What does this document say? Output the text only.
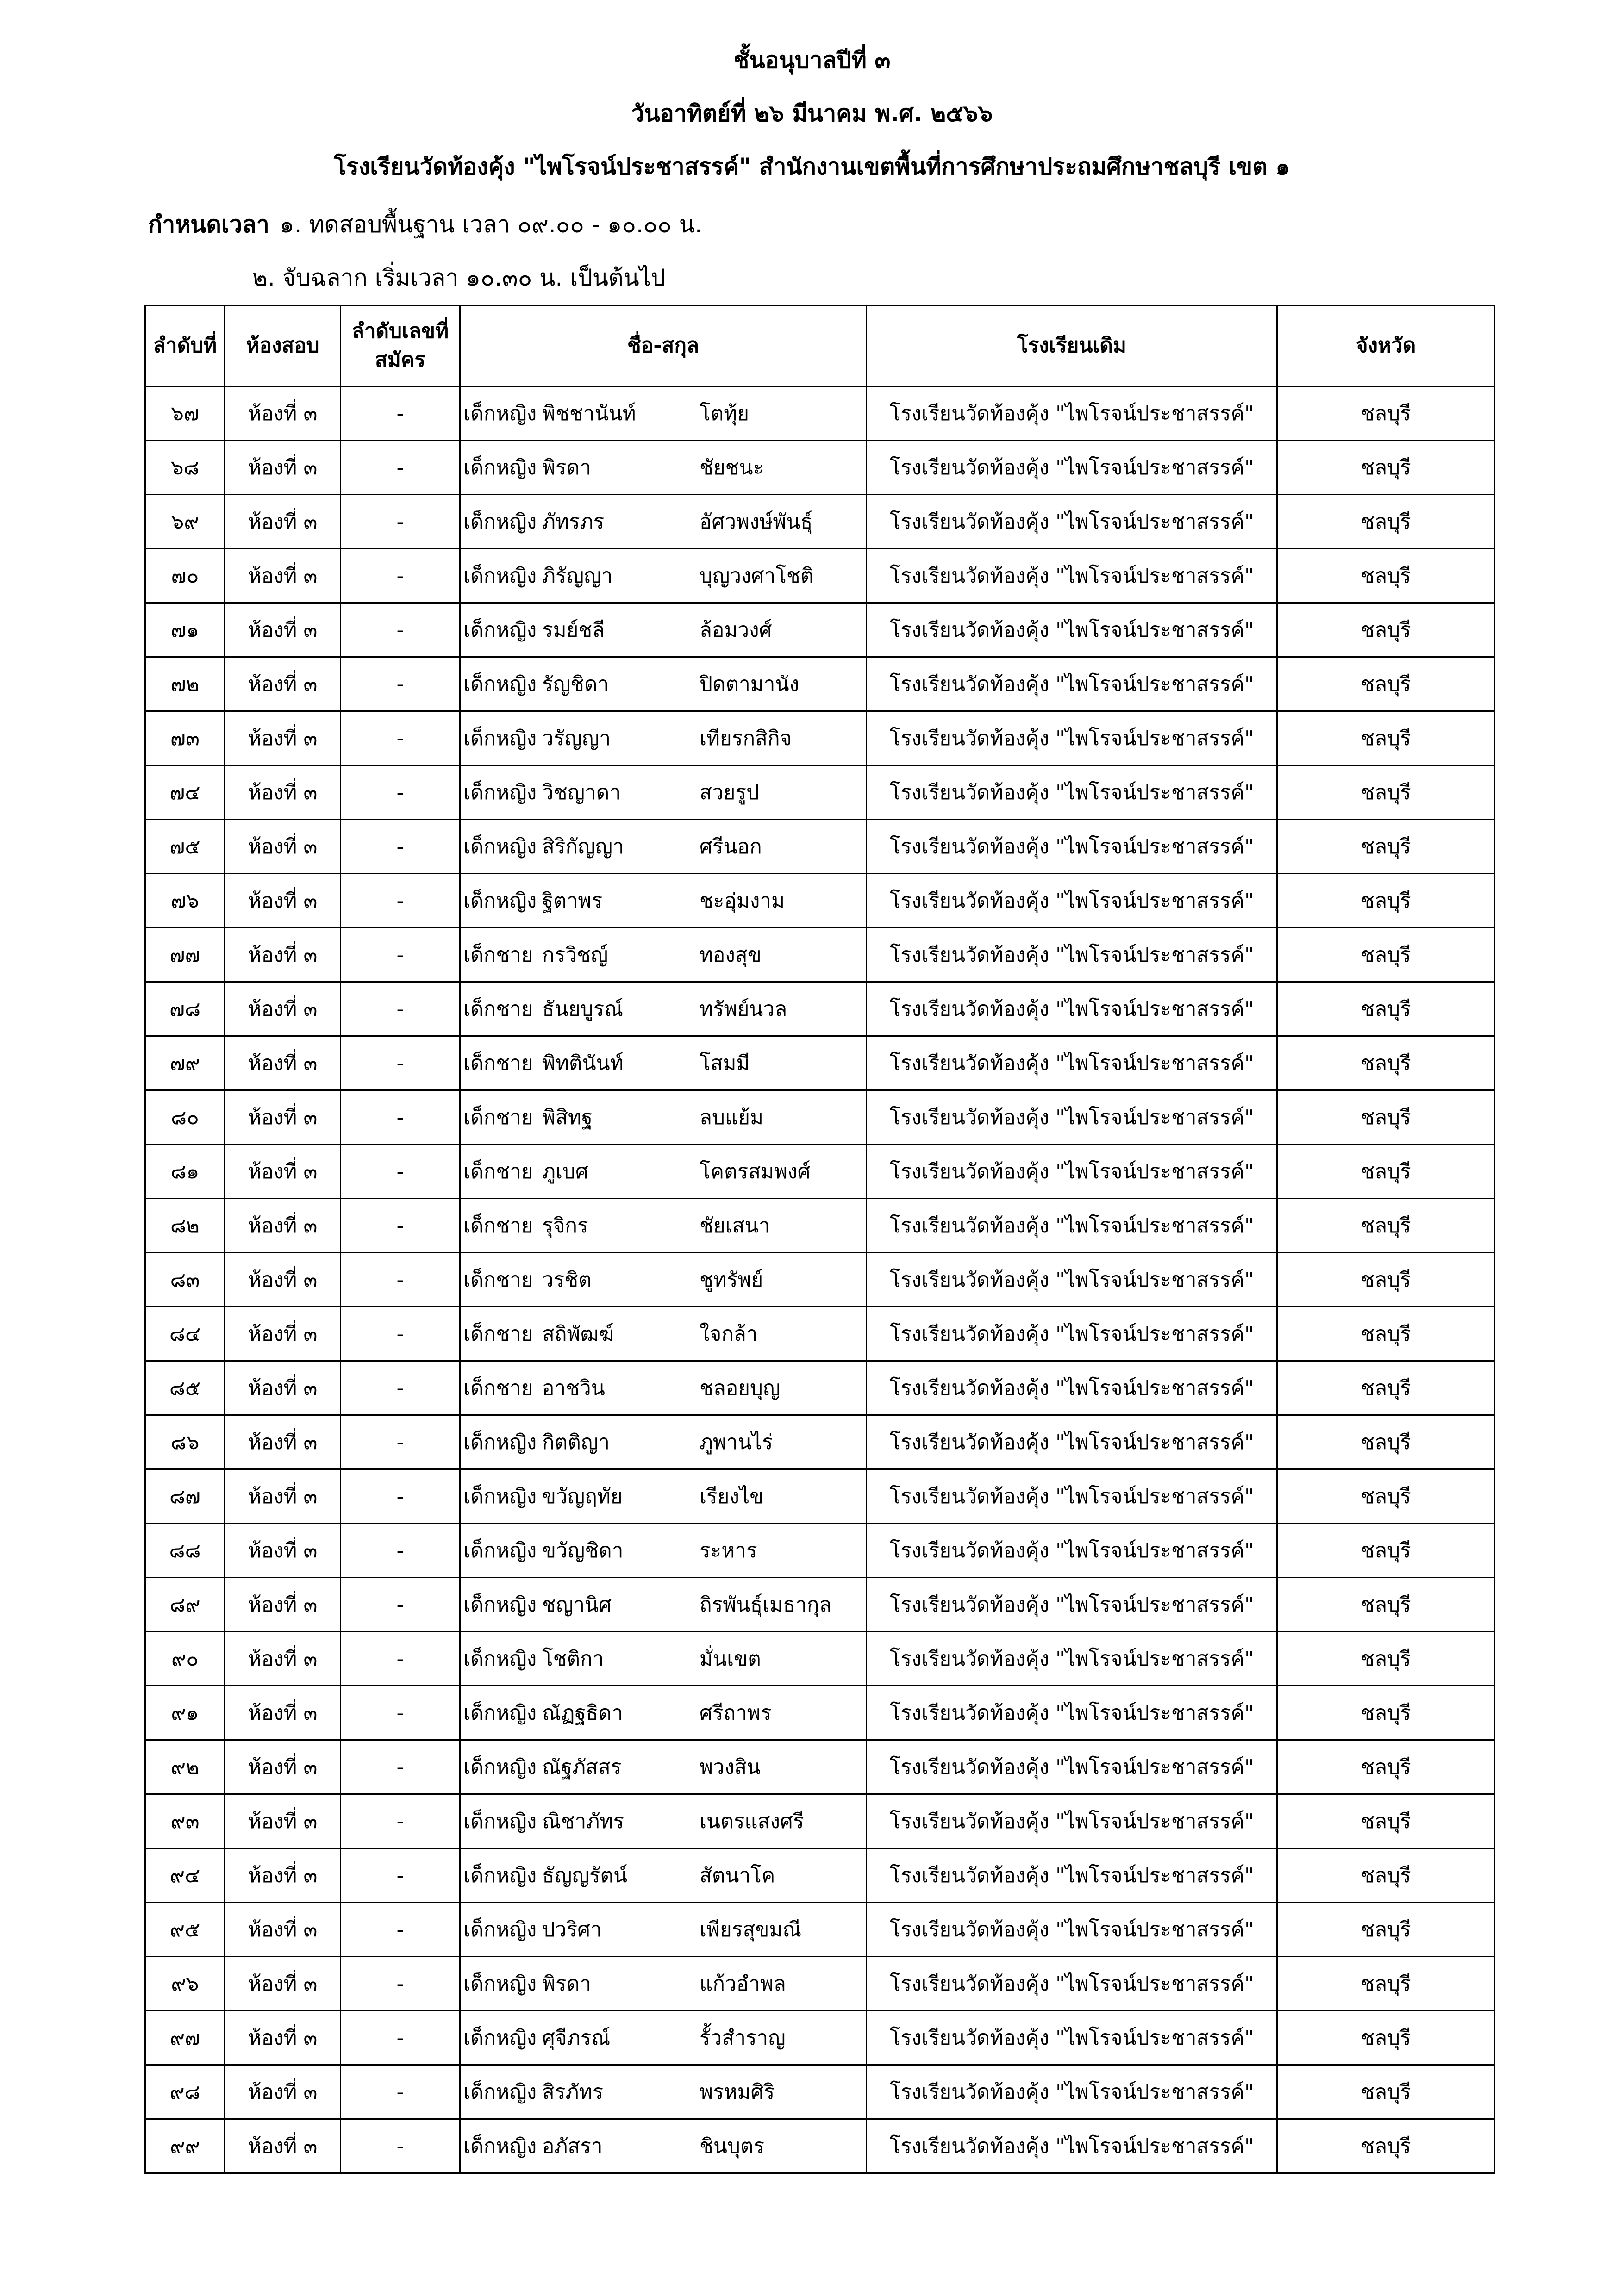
ชั้นอนุบาลปีที่ ๓
วันอาทิตย์ที่ ๒๖ มีนาคม พ.ศ. ๒๕๖๖
โรงเรียนวัดท้องคุ้ง "ไพโรจน์ประชาสรรค์" สำนักงานเขตพื้นที่การศึกษาประถมศึกษาชลบุรี เขต ๑
กำหนดเวลา ๑. ทดสอบพื้นฐาน เวลา ๐๙.๐๐ - ๑๐.๐๐ น.
๒. จับฉลาก เริ่มเวลา ๑๐.๓๐ น. เป็นต้นไป
ลำดับที่	ห้องสอบ	ลำดับเลขที่สมัคร	ชื่อ-สกุล	โรงเรียนเดิม	จังหวัด
๖๗	ห้องที่ ๓	-	เด็กหญิง พิชชานันท์ โตทุ้ย	โรงเรียนวัดท้องคุ้ง "ไพโรจน์ประชาสรรค์"	ชลบุรี
๖๘	ห้องที่ ๓	-	เด็กหญิง พิรดา ชัยชนะ	โรงเรียนวัดท้องคุ้ง "ไพโรจน์ประชาสรรค์"	ชลบุรี
๖๙	ห้องที่ ๓	-	เด็กหญิง ภัทรภร อัศวพงษ์พันธุ์	โรงเรียนวัดท้องคุ้ง "ไพโรจน์ประชาสรรค์"	ชลบุรี
๗๐	ห้องที่ ๓	-	เด็กหญิง ภิรัญญา บุญวงศาโชติ	โรงเรียนวัดท้องคุ้ง "ไพโรจน์ประชาสรรค์"	ชลบุรี
๗๑	ห้องที่ ๓	-	เด็กหญิง รมย์ชลี ล้อมวงศ์	โรงเรียนวัดท้องคุ้ง "ไพโรจน์ประชาสรรค์"	ชลบุรี
๗๒	ห้องที่ ๓	-	เด็กหญิง รัญชิดา ปิดตามานัง	โรงเรียนวัดท้องคุ้ง "ไพโรจน์ประชาสรรค์"	ชลบุรี
๗๓	ห้องที่ ๓	-	เด็กหญิง วรัญญา เทียรกสิกิจ	โรงเรียนวัดท้องคุ้ง "ไพโรจน์ประชาสรรค์"	ชลบุรี
๗๔	ห้องที่ ๓	-	เด็กหญิง วิชญาดา สวยรูป	โรงเรียนวัดท้องคุ้ง "ไพโรจน์ประชาสรรค์"	ชลบุรี
๗๕	ห้องที่ ๓	-	เด็กหญิง สิริกัญญา ศรีนอก	โรงเรียนวัดท้องคุ้ง "ไพโรจน์ประชาสรรค์"	ชลบุรี
๗๖	ห้องที่ ๓	-	เด็กหญิง ฐิตาพร ชะอุ่มงาม	โรงเรียนวัดท้องคุ้ง "ไพโรจน์ประชาสรรค์"	ชลบุรี
๗๗	ห้องที่ ๓	-	เด็กชาย กรวิชญ์ ทองสุข	โรงเรียนวัดท้องคุ้ง "ไพโรจน์ประชาสรรค์"	ชลบุรี
๗๘	ห้องที่ ๓	-	เด็กชาย ธันยบูรณ์ ทรัพย์นวล	โรงเรียนวัดท้องคุ้ง "ไพโรจน์ประชาสรรค์"	ชลบุรี
๗๙	ห้องที่ ๓	-	เด็กชาย พิทตินันท์ โสมมี	โรงเรียนวัดท้องคุ้ง "ไพโรจน์ประชาสรรค์"	ชลบุรี
๘๐	ห้องที่ ๓	-	เด็กชาย พิสิทฐ ลบแย้ม	โรงเรียนวัดท้องคุ้ง "ไพโรจน์ประชาสรรค์"	ชลบุรี
๘๑	ห้องที่ ๓	-	เด็กชาย ภูเบศ โคตรสมพงศ์	โรงเรียนวัดท้องคุ้ง "ไพโรจน์ประชาสรรค์"	ชลบุรี
๘๒	ห้องที่ ๓	-	เด็กชาย รุจิกร ชัยเสนา	โรงเรียนวัดท้องคุ้ง "ไพโรจน์ประชาสรรค์"	ชลบุรี
๘๓	ห้องที่ ๓	-	เด็กชาย วรชิต ชูทรัพย์	โรงเรียนวัดท้องคุ้ง "ไพโรจน์ประชาสรรค์"	ชลบุรี
๘๔	ห้องที่ ๓	-	เด็กชาย สถิพัฒฆ์ ใจกล้า	โรงเรียนวัดท้องคุ้ง "ไพโรจน์ประชาสรรค์"	ชลบุรี
๘๕	ห้องที่ ๓	-	เด็กชาย อาชวิน ชลอยบุญ	โรงเรียนวัดท้องคุ้ง "ไพโรจน์ประชาสรรค์"	ชลบุรี
๘๖	ห้องที่ ๓	-	เด็กหญิง กิตติญา ภูพานไร่	โรงเรียนวัดท้องคุ้ง "ไพโรจน์ประชาสรรค์"	ชลบุรี
๘๗	ห้องที่ ๓	-	เด็กหญิง ขวัญฤทัย เรียงไข	โรงเรียนวัดท้องคุ้ง "ไพโรจน์ประชาสรรค์"	ชลบุรี
๘๘	ห้องที่ ๓	-	เด็กหญิง ขวัญชิดา ระหาร	โรงเรียนวัดท้องคุ้ง "ไพโรจน์ประชาสรรค์"	ชลบุรี
๘๙	ห้องที่ ๓	-	เด็กหญิง ชญานิศ ถิรพันธุ์เมธากุล	โรงเรียนวัดท้องคุ้ง "ไพโรจน์ประชาสรรค์"	ชลบุรี
๙๐	ห้องที่ ๓	-	เด็กหญิง โชติกา มั่นเขต	โรงเรียนวัดท้องคุ้ง "ไพโรจน์ประชาสรรค์"	ชลบุรี
๙๑	ห้องที่ ๓	-	เด็กหญิง ณัฏฐธิดา ศรีถาพร	โรงเรียนวัดท้องคุ้ง "ไพโรจน์ประชาสรรค์"	ชลบุรี
๙๒	ห้องที่ ๓	-	เด็กหญิง ณัฐภัสสร พวงสิน	โรงเรียนวัดท้องคุ้ง "ไพโรจน์ประชาสรรค์"	ชลบุรี
๙๓	ห้องที่ ๓	-	เด็กหญิง ณิชาภัทร เนตรแสงศรี	โรงเรียนวัดท้องคุ้ง "ไพโรจน์ประชาสรรค์"	ชลบุรี
๙๔	ห้องที่ ๓	-	เด็กหญิง ธัญญรัตน์ สัตนาโค	โรงเรียนวัดท้องคุ้ง "ไพโรจน์ประชาสรรค์"	ชลบุรี
๙๕	ห้องที่ ๓	-	เด็กหญิง ปวริศา เพียรสุขมณี	โรงเรียนวัดท้องคุ้ง "ไพโรจน์ประชาสรรค์"	ชลบุรี
๙๖	ห้องที่ ๓	-	เด็กหญิง พิรดา แก้วอำพล	โรงเรียนวัดท้องคุ้ง "ไพโรจน์ประชาสรรค์"	ชลบุรี
๙๗	ห้องที่ ๓	-	เด็กหญิง ศุจีภรณ์ รั้วสำราญ	โรงเรียนวัดท้องคุ้ง "ไพโรจน์ประชาสรรค์"	ชลบุรี
๙๘	ห้องที่ ๓	-	เด็กหญิง สิรภัทร พรหมศิริ	โรงเรียนวัดท้องคุ้ง "ไพโรจน์ประชาสรรค์"	ชลบุรี
๙๙	ห้องที่ ๓	-	เด็กหญิง อภัสรา ชินบุตร	โรงเรียนวัดท้องคุ้ง "ไพโรจน์ประชาสรรค์"	ชลบุรี
